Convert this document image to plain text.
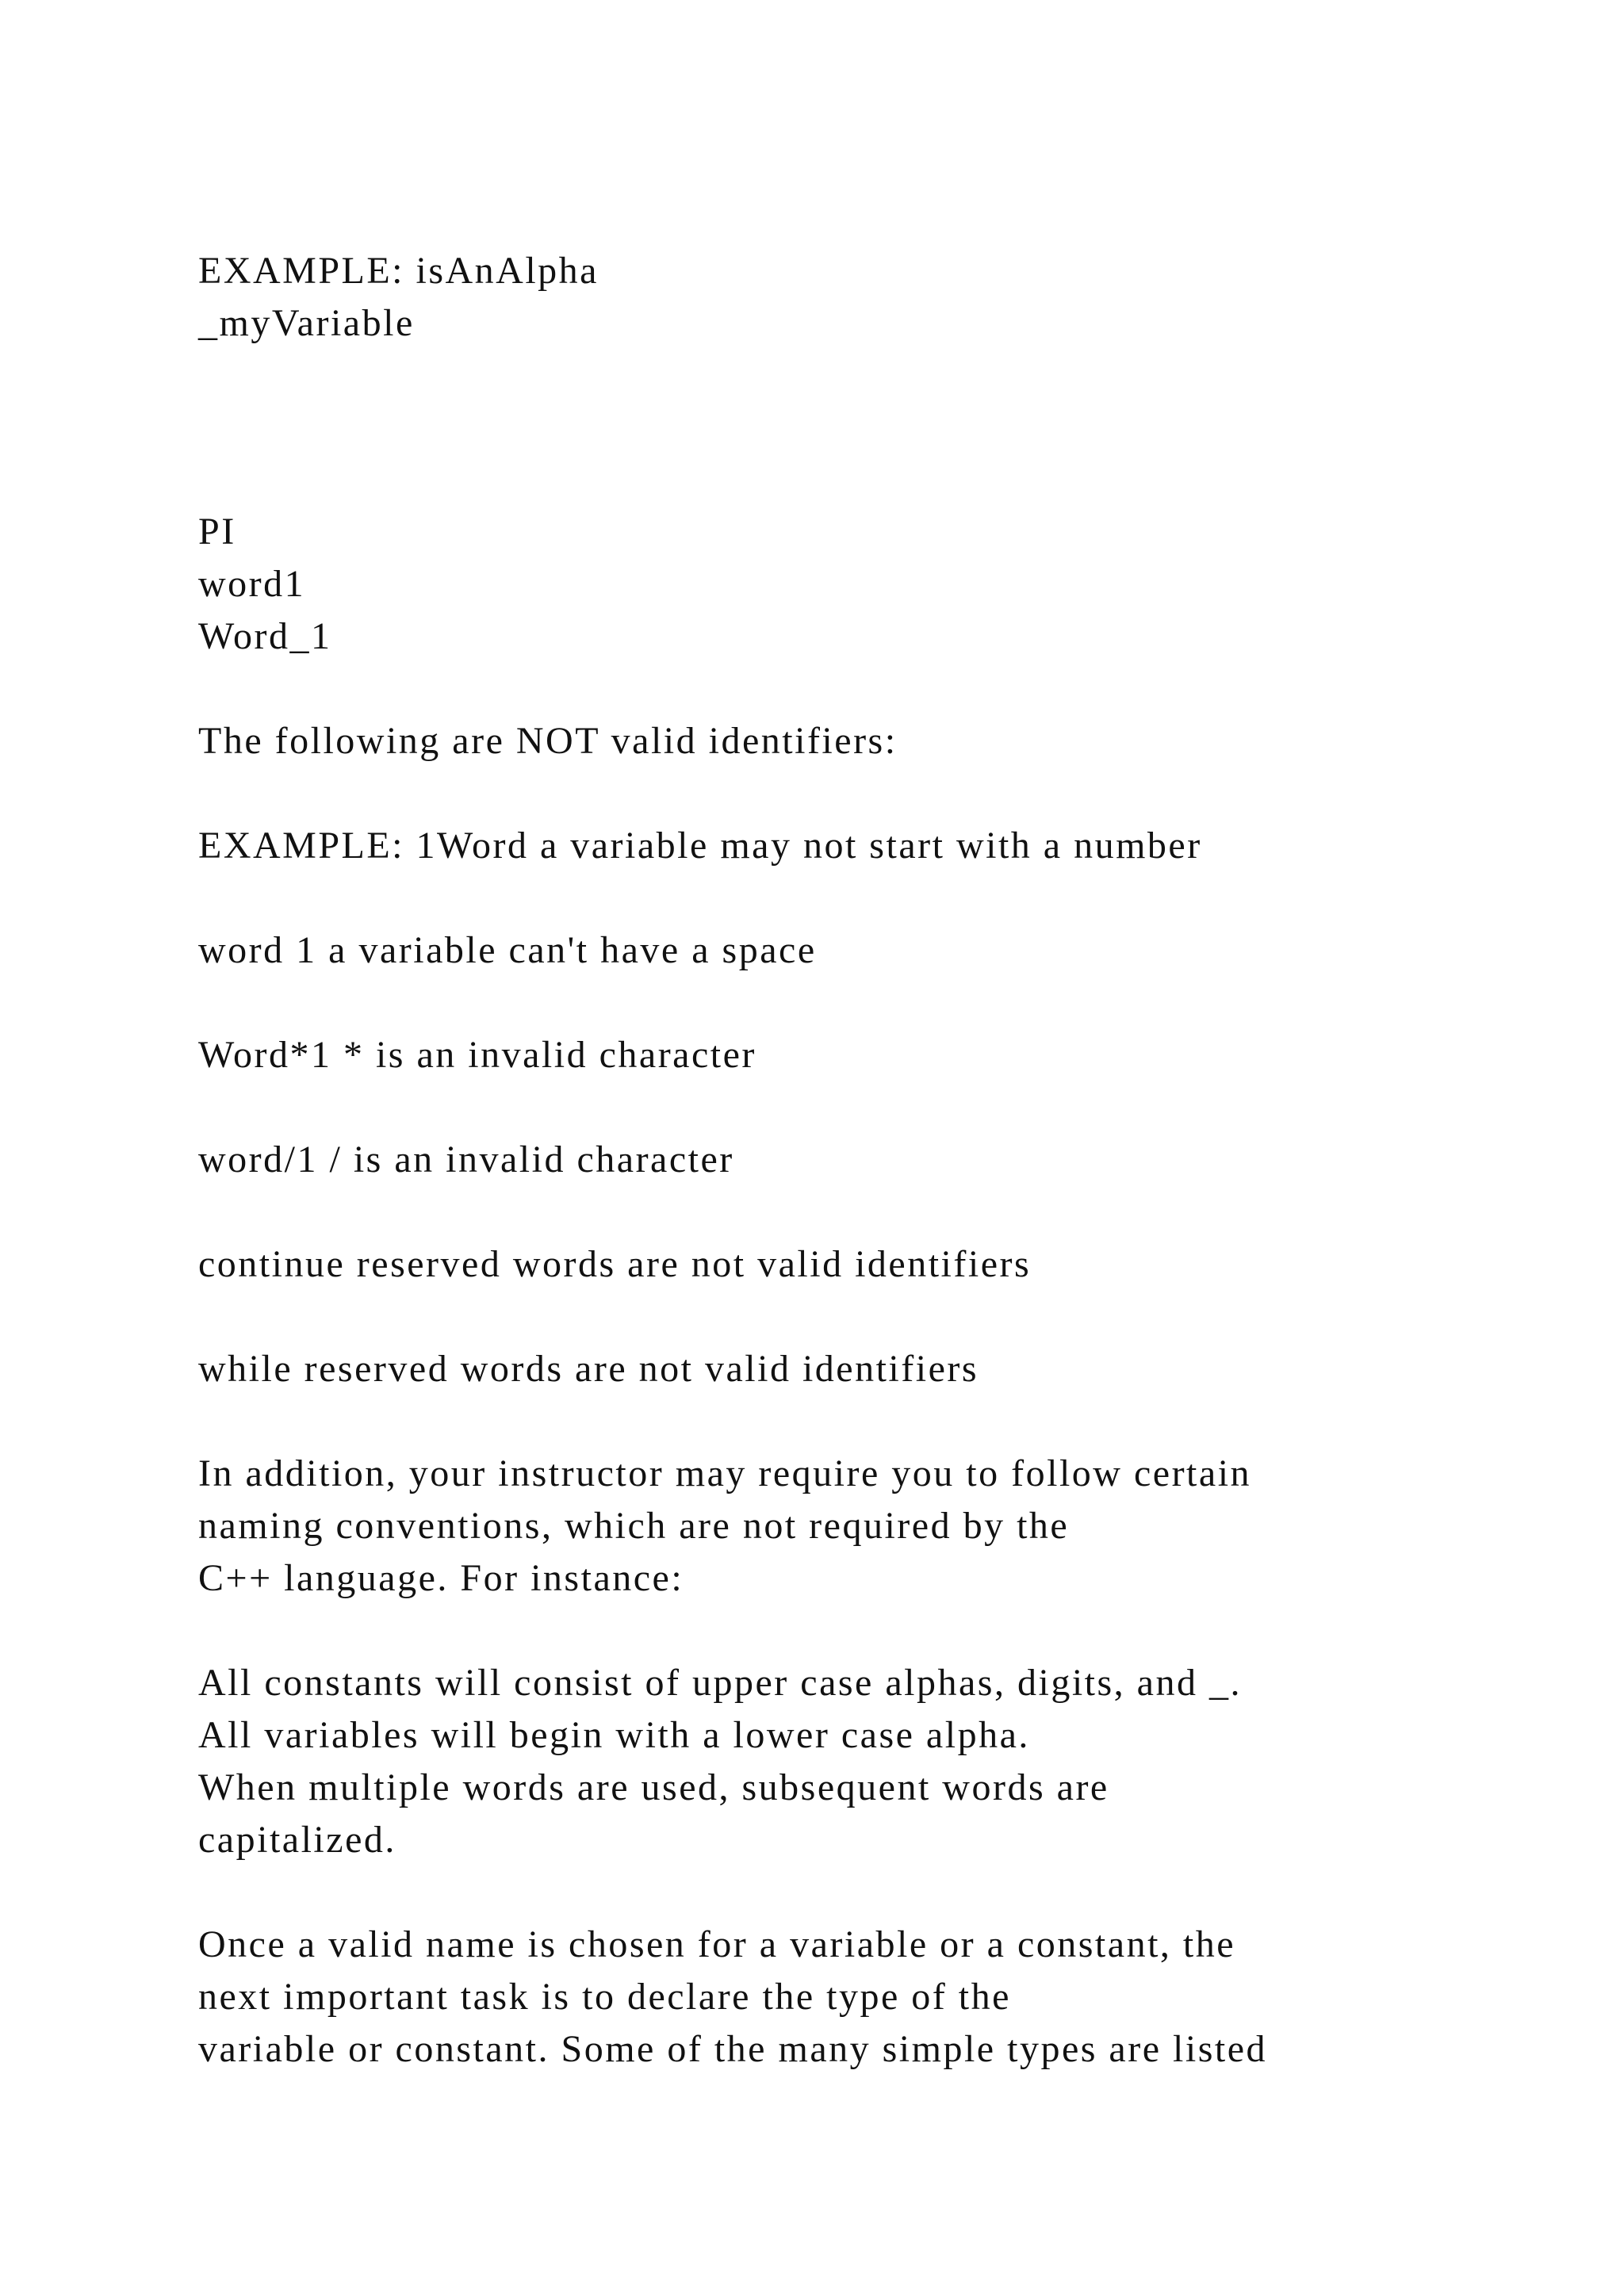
EXAMPLE: isAnAlpha

_myVariable

PI

word1

Word_1

The following are NOT valid identifiers:

EXAMPLE: 1Word a variable may not start with a number

word 1 a variable can't have a space

Word*1 * is an invalid character

word/1 / is an invalid character

continue reserved words are not valid identifiers

while reserved words are not valid identifiers

In addition, your instructor may require you to follow certain

naming conventions, which are not required by the

C++ language. For instance:

All constants will consist of upper case alphas, digits, and _.

All variables will begin with a lower case alpha.

When multiple words are used, subsequent words are

capitalized.

Once a valid name is chosen for a variable or a constant, the

next important task is to declare the type of the

variable or constant. Some of the many simple types are listed
